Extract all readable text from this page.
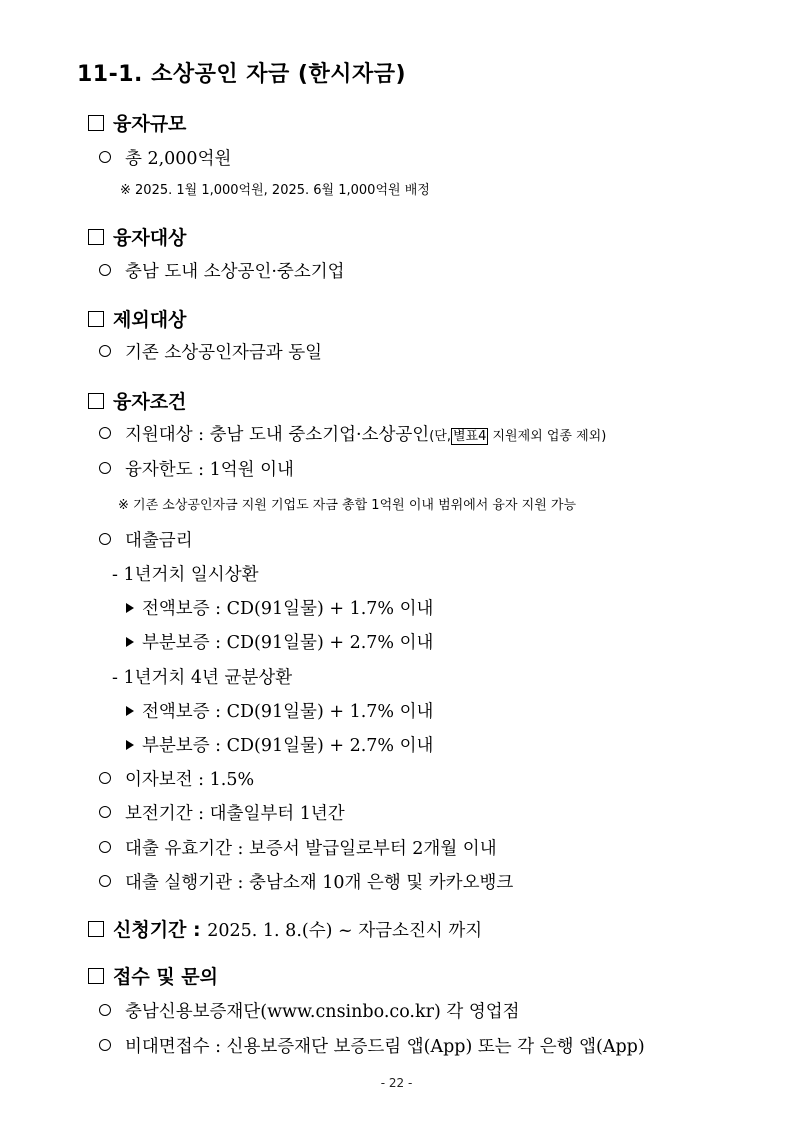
11-1. 소상공인 자금 (한시자금)
융자규모
총 2,000억원
※ 2025. 1월 1,000억원, 2025. 6월 1,000억원 배정
융자대상
충남 도내 소상공인·중소기업
제외대상
기존 소상공인자금과 동일
융자조건
지원대상 : 충남 도내 중소기업·소상공인(단, 별표4 지원제외 업종 제외)
융자한도 : 1억원 이내
※ 기존 소상공인자금 지원 기업도 자금 총합 1억원 이내 범위에서 융자 지원 가능
대출금리
- 1년거치 일시상환
전액보증 : CD(91일물) + 1.7% 이내
부분보증 : CD(91일물) + 2.7% 이내
- 1년거치 4년 균분상환
전액보증 : CD(91일물) + 1.7% 이내
부분보증 : CD(91일물) + 2.7% 이내
이자보전 : 1.5%
보전기간 : 대출일부터 1년간
대출 유효기간 : 보증서 발급일로부터 2개월 이내
대출 실행기관 : 충남소재 10개 은행 및 카카오뱅크
신청기간 : 2025. 1. 8.(수) ~ 자금소진시 까지
접수 및 문의
충남신용보증재단(www.cnsinbo.co.kr) 각 영업점
비대면접수 : 신용보증재단 보증드림 앱(App) 또는 각 은행 앱(App)
- 22 -
